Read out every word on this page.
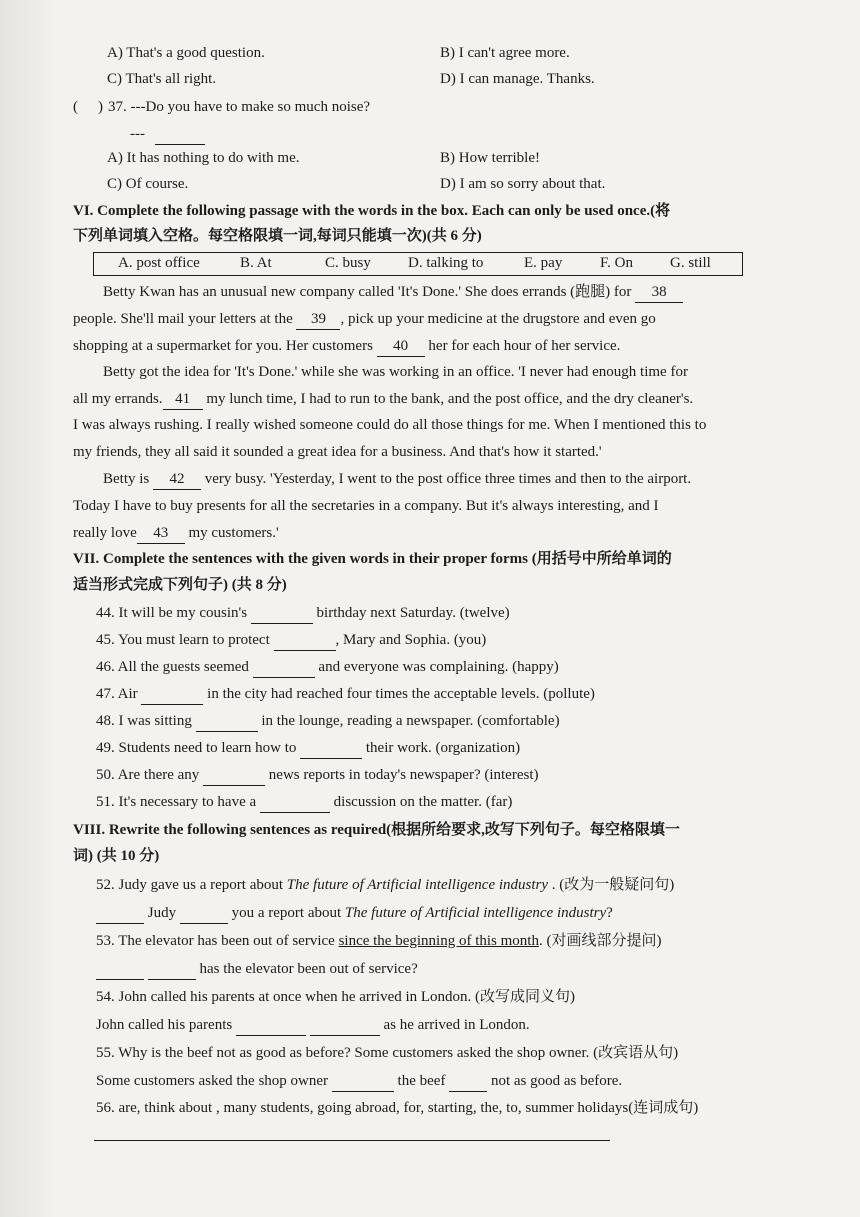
A) That's a good question.	B) I can't agree more.
C) That's all right.	D) I can manage. Thanks.
( ) 37. ---Do you have to make so much noise?
---
A) It has nothing to do with me.	B) How terrible!
C) Of course.	D) I am so sorry about that.
VI. Complete the following passage with the words in the box. Each can only be used once.(将
下列单词填入空格。每空格限填一词,每词只能填一次)(共 6 分)
A. post office	B. At	C. busy D. talking to	E. pay	F. On G. still
Betty Kwan has an unusual new company called 'It's Done.' She does errands (跑腿) for 38
people. She'll mail your letters at the 39 , pick up your medicine at the drugstore and even go
shopping at a supermarket for you. Her customers 40 her for each hour of her service.
Betty got the idea for 'It's Done.' while she was working in an office. 'I never had enough time for
all my errands. 41 my lunch time, I had to run to the bank, and the post office, and the dry cleaner's.
I was always rushing. I really wished someone could do all those things for me. When I mentioned this to
my friends, they all said it sounded a great idea for a business. And that's how it started.'
Betty is 42 very busy. 'Yesterday, I went to the post office three times and then to the airport.
Today I have to buy presents for all the secretaries in a company. But it's always interesting, and I
really love 43 my customers.'
VII. Complete the sentences with the given words in their proper forms (用括号中所给单词的
适当形式完成下列句子) (共 8 分)
44. It will be my cousin's	birthday next Saturday. (twelve)
45. You must learn to protect	, Mary and Sophia. (you)
46. All the guests seemed	and everyone was complaining. (happy)
47. Air	in the city had reached four times the acceptable levels. (pollute)
48. I was sitting	in the lounge, reading a newspaper. (comfortable)
49. Students need to learn how to	their work. (organization)
50. Are there any	news reports in today's newspaper? (interest)
51. It's necessary to have a	discussion on the matter. (far)
VIII. Rewrite the following sentences as required(根据所给要求,改写下列句子。每空格限填一
词) (共 10 分)
52. Judy gave us a report about The future of Artificial intelligence industry . (改为一般疑问句)
Judy	you a report about The future of Artificial intelligence industry?
53. The elevator has been out of service since the beginning of this month. (对画线部分提问)
has the elevator been out of service?
54. John called his parents at once when he arrived in London. (改写成同义句)
John called his parents	as he arrived in London.
55. Why is the beef not as good as before? Some customers asked the shop owner. (改宾语从句)
Some customers asked the shop owner	the beef	not as good as before.
56. are, think about , many students, going abroad, for, starting, the, to, summer holidays(连词成句)
